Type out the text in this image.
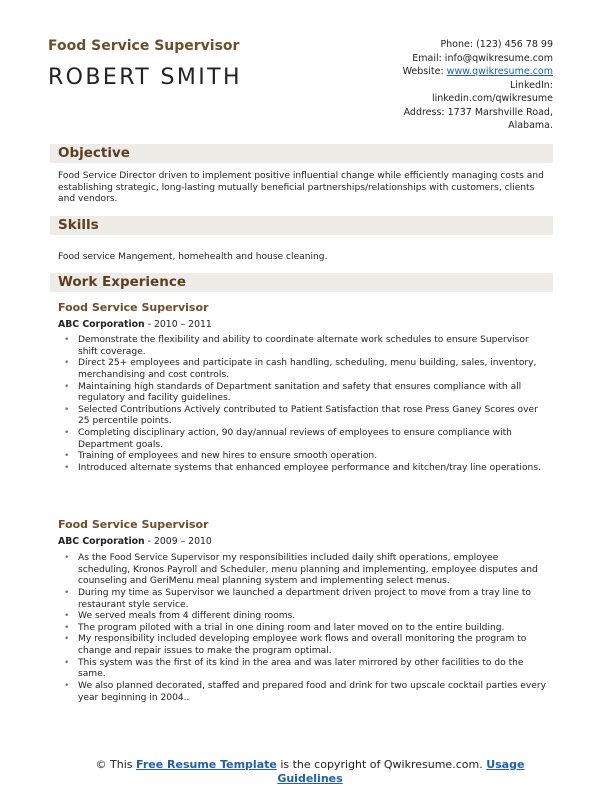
Food Service Supervisor
ROBERT SMITH
Phone: (123) 456 78 99
Email: info@qwikresume.com
Website: www.qwikresume.com
LinkedIn:
linkedin.com/qwikresume
Address: 1737 Marshville Road,
Alabama.
Objective
Food Service Director driven to implement positive influential change while efficiently managing costs and establishing strategic, long-lasting mutually beneficial partnerships/relationships with customers, clients and vendors.
Skills
Food service Mangement, homehealth and house cleaning.
Work Experience
Food Service Supervisor
ABC Corporation - 2010 – 2011
• Demonstrate the flexibility and ability to coordinate alternate work schedules to ensure Supervisor shift coverage.
• Direct 25+ employees and participate in cash handling, scheduling, menu building, sales, inventory, merchandising and cost controls.
• Maintaining high standards of Department sanitation and safety that ensures compliance with all regulatory and facility guidelines.
• Selected Contributions Actively contributed to Patient Satisfaction that rose Press Ganey Scores over 25 percentile points.
• Completing disciplinary action, 90 day/annual reviews of employees to ensure compliance with Department goals.
• Training of employees and new hires to ensure smooth operation.
• Introduced alternate systems that enhanced employee performance and kitchen/tray line operations.
Food Service Supervisor
ABC Corporation - 2009 – 2010
• As the Food Service Supervisor my responsibilities included daily shift operations, employee scheduling, Kronos Payroll and Scheduler, menu planning and implementing, employee disputes and counseling and GeriMenu meal planning system and implementing select menus.
• During my time as Supervisor we launched a department driven project to move from a tray line to restaurant style service.
• We served meals from 4 different dining rooms.
• The program piloted with a trial in one dining room and later moved on to the entire building.
• My responsibility included developing employee work flows and overall monitoring the program to change and repair issues to make the program optimal.
• This system was the first of its kind in the area and was later mirrored by other facilities to do the same.
• We also planned decorated, staffed and prepared food and drink for two upscale cocktail parties every year beginning in 2004..
© This Free Resume Template is the copyright of Qwikresume.com. Usage Guidelines
